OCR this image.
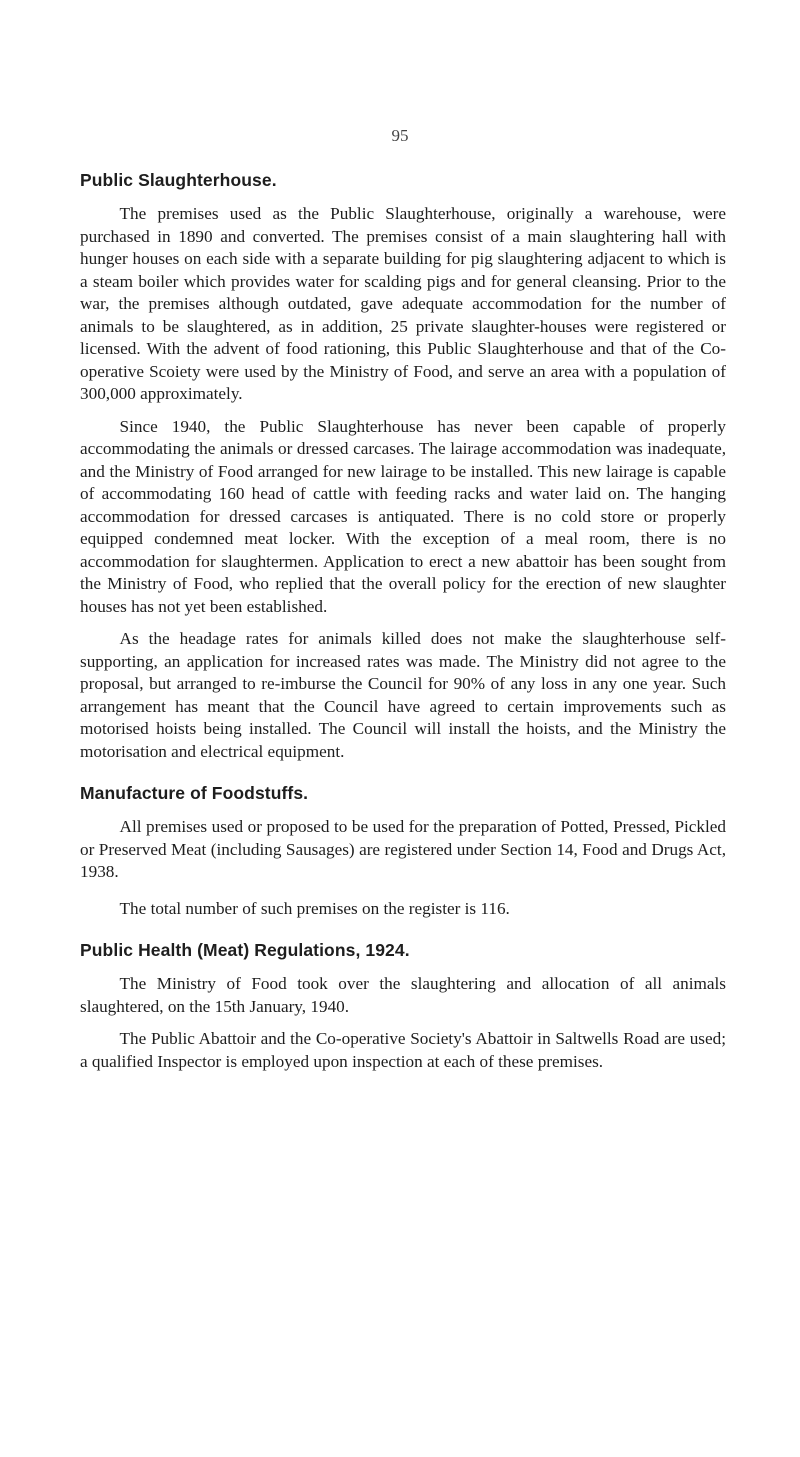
95
Public Slaughterhouse.

The premises used as the Public Slaughterhouse, originally a warehouse, were purchased in 1890 and converted. The premises consist of a main slaughtering hall with hunger houses on each side with a separate building for pig slaughtering adjacent to which is a steam boiler which provides water for scalding pigs and for general cleansing. Prior to the war, the premises although outdated, gave adequate accommodation for the number of animals to be slaughtered, as in addition, 25 private slaughter-houses were registered or licensed. With the advent of food rationing, this Public Slaughterhouse and that of the Co-operative Scoiety were used by the Ministry of Food, and serve an area with a population of 300,000 approximately.

Since 1940, the Public Slaughterhouse has never been capable of properly accommodating the animals or dressed carcases. The lairage accommodation was inadequate, and the Ministry of Food arranged for new lairage to be installed. This new lairage is capable of accommodating 160 head of cattle with feeding racks and water laid on. The hanging accommodation for dressed carcases is antiquated. There is no cold store or properly equipped condemned meat locker. With the exception of a meal room, there is no accommodation for slaughtermen. Application to erect a new abattoir has been sought from the Ministry of Food, who replied that the overall policy for the erection of new slaughter houses has not yet been established.

As the headage rates for animals killed does not make the slaughterhouse self-supporting, an application for increased rates was made. The Ministry did not agree to the proposal, but arranged to re-imburse the Council for 90% of any loss in any one year. Such arrangement has meant that the Council have agreed to certain improvements such as motorised hoists being installed. The Council will install the hoists, and the Ministry the motorisation and electrical equipment.

Manufacture of Foodstuffs.

All premises used or proposed to be used for the preparation of Potted, Pressed, Pickled or Preserved Meat (including Sausages) are registered under Section 14, Food and Drugs Act, 1938.

The total number of such premises on the register is 116.

Public Health (Meat) Regulations, 1924.

The Ministry of Food took over the slaughtering and allocation of all animals slaughtered, on the 15th January, 1940.

The Public Abattoir and the Co-operative Society's Abattoir in Saltwells Road are used; a qualified Inspector is employed upon inspection at each of these premises.
